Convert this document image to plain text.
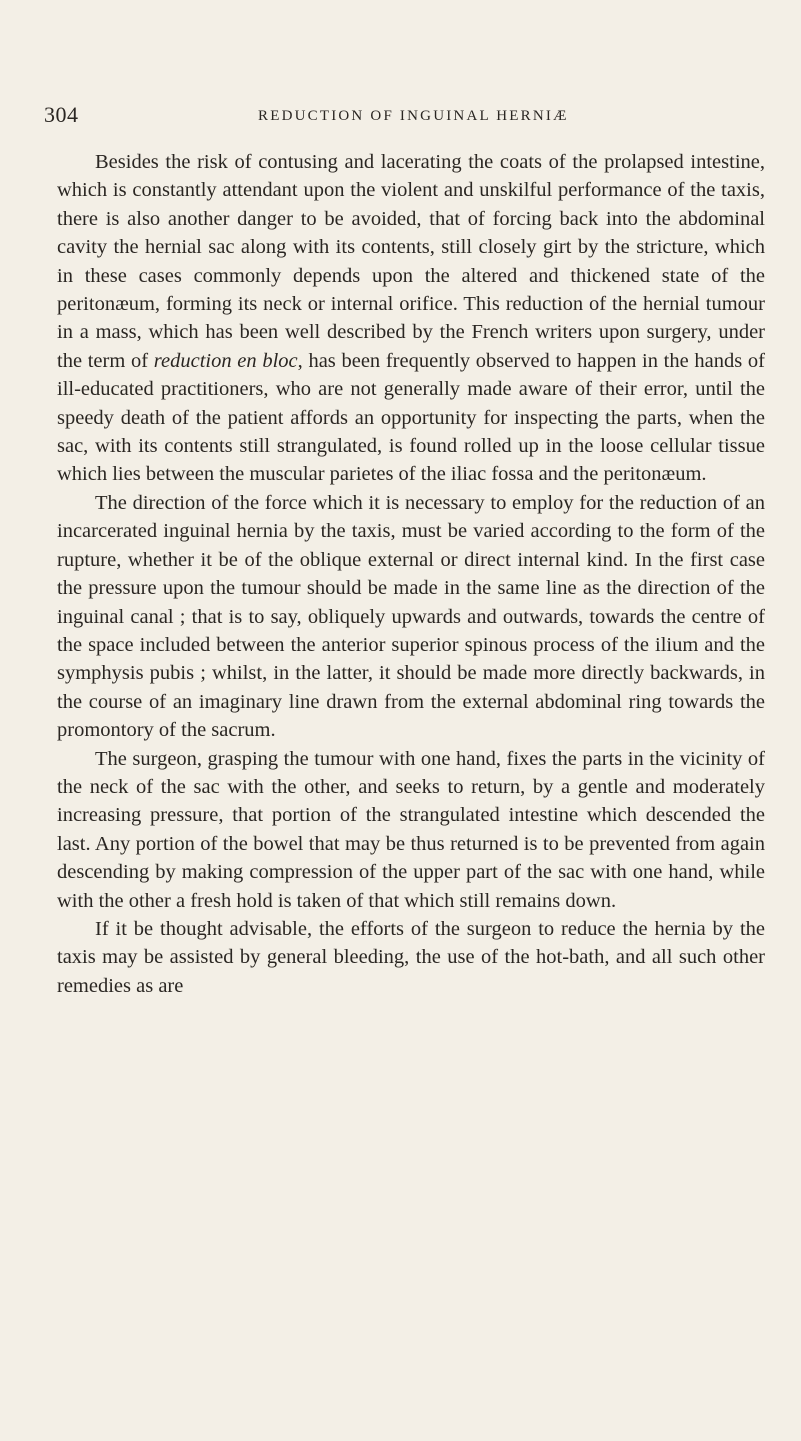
304	REDUCTION OF INGUINAL HERNIÆ

Besides the risk of contusing and lacerating the coats of the prolapsed intestine, which is constantly attendant upon the violent and unskilful performance of the taxis, there is also another danger to be avoided, that of forcing back into the abdominal cavity the hernial sac along with its contents, still closely girt by the stricture, which in these cases commonly depends upon the altered and thickened state of the peritonæum, forming its neck or internal orifice. This reduction of the hernial tumour in a mass, which has been well described by the French writers upon surgery, under the term of reduction en bloc, has been frequently observed to happen in the hands of ill-educated practitioners, who are not generally made aware of their error, until the speedy death of the patient affords an opportunity for inspecting the parts, when the sac, with its contents still strangulated, is found rolled up in the loose cellular tissue which lies between the muscular parietes of the iliac fossa and the peritonæum.

The direction of the force which it is necessary to employ for the reduction of an incarcerated inguinal hernia by the taxis, must be varied according to the form of the rupture, whether it be of the oblique external or direct internal kind. In the first case the pressure upon the tumour should be made in the same line as the direction of the inguinal canal ; that is to say, obliquely upwards and outwards, towards the centre of the space included between the anterior superior spinous process of the ilium and the symphysis pubis ; whilst, in the latter, it should be made more directly backwards, in the course of an imaginary line drawn from the external abdominal ring towards the promontory of the sacrum.

The surgeon, grasping the tumour with one hand, fixes the parts in the vicinity of the neck of the sac with the other, and seeks to return, by a gentle and moderately increasing pressure, that portion of the strangulated intestine which descended the last. Any portion of the bowel that may be thus returned is to be prevented from again descending by making compression of the upper part of the sac with one hand, while with the other a fresh hold is taken of that which still remains down.

If it be thought advisable, the efforts of the surgeon to reduce the hernia by the taxis may be assisted by general bleeding, the use of the hot-bath, and all such other remedies as are
